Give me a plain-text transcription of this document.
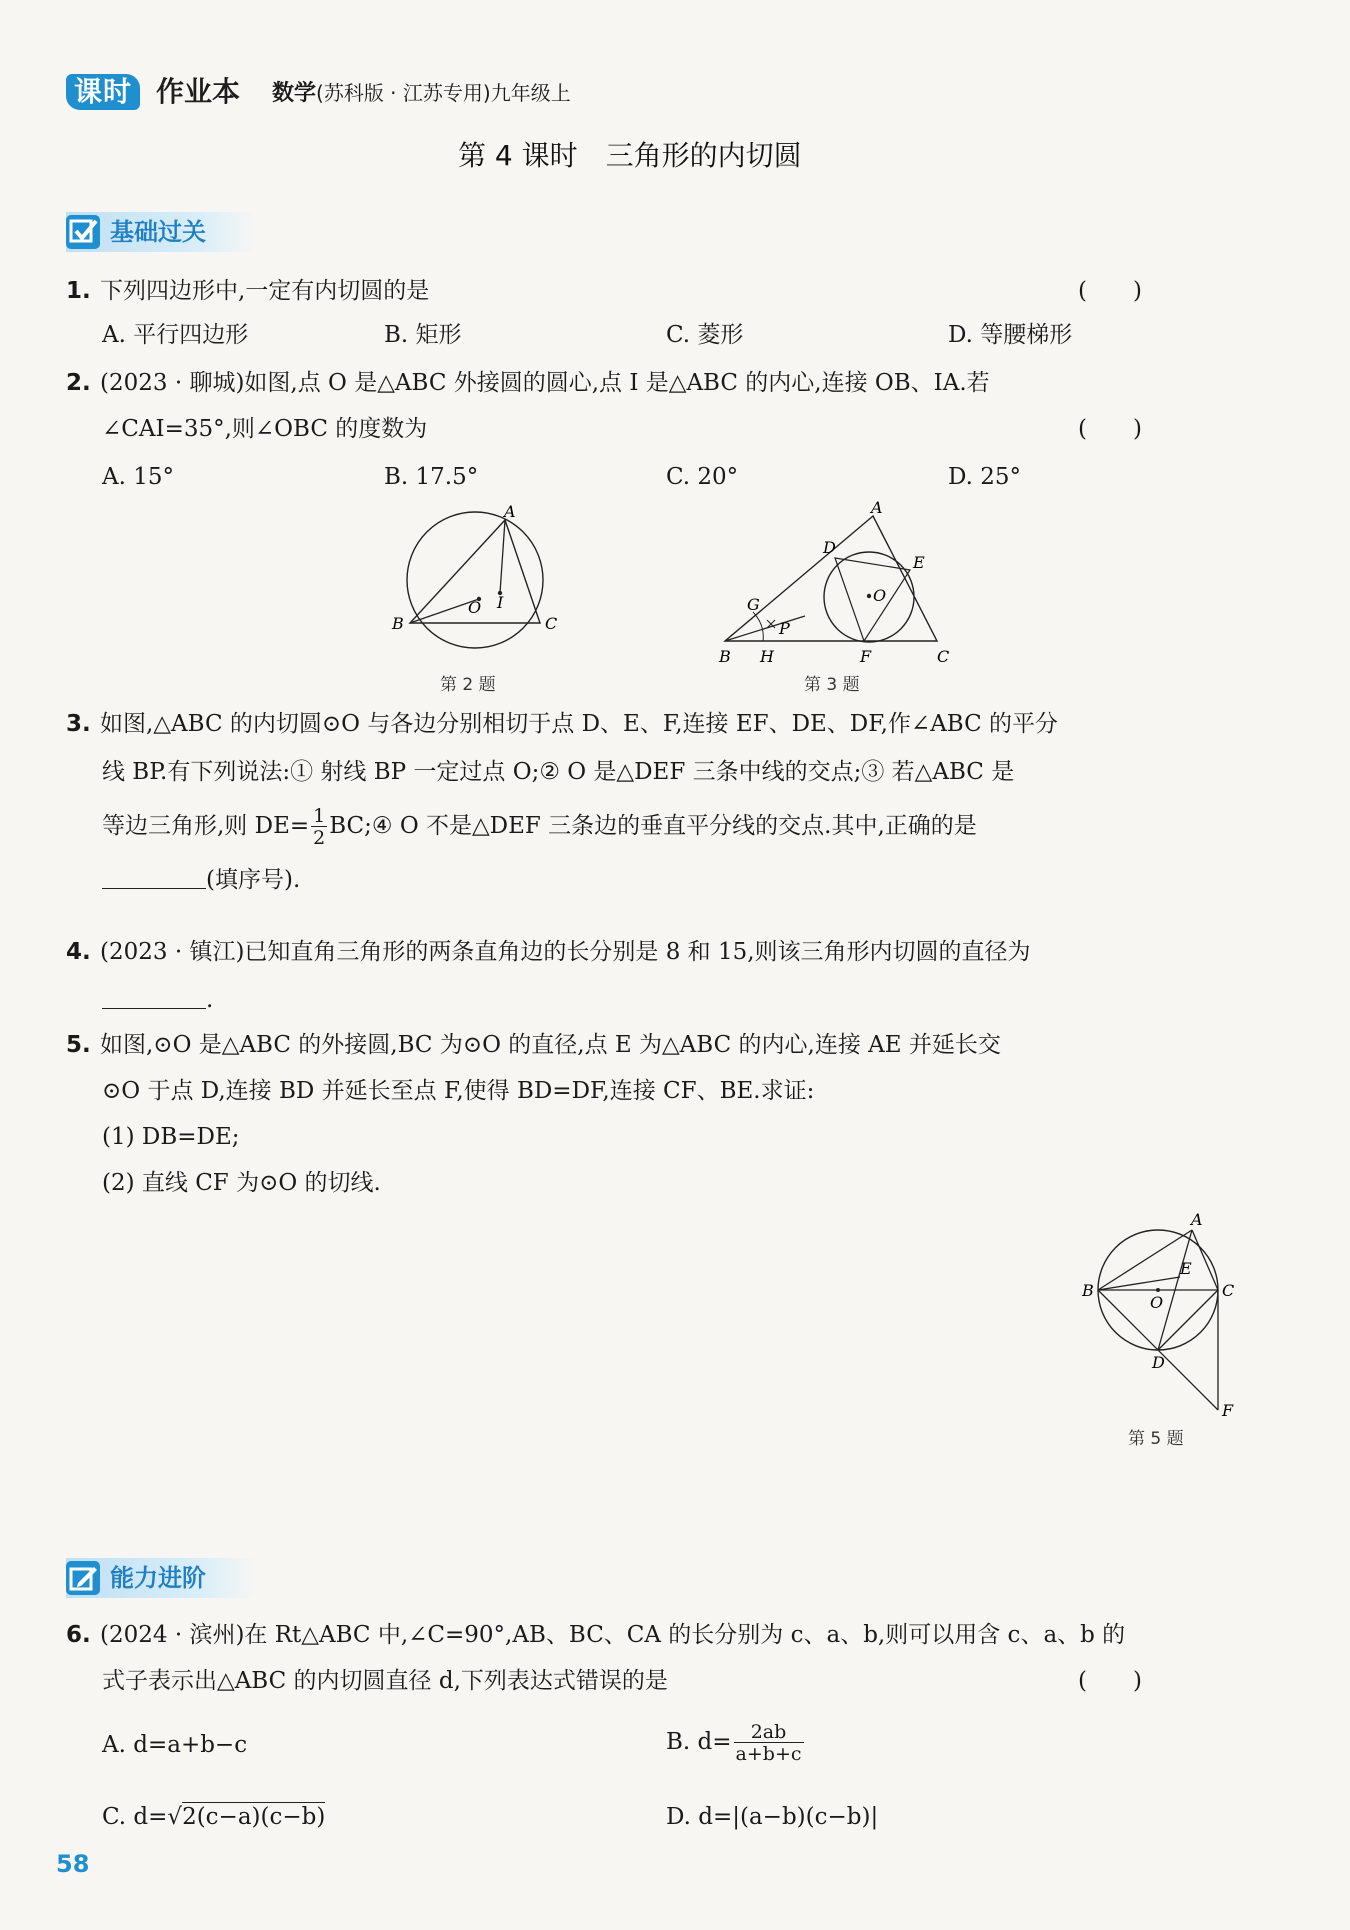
课时 作业本 数学(苏科版 · 江苏专用)九年级上
第 4 课时　三角形的内切圆
基础过关
1. 下列四边形中,一定有内切圆的是	(　　)
A. 平行四边形	B. 矩形	C. 菱形	D. 等腰梯形
2. (2023 · 聊城)如图,点 O 是△ABC 外接圆的圆心,点 I 是△ABC 的内心,连接 OB、IA.若
∠CAI=35°,则∠OBC 的度数为	(　　)
A. 15°	B. 17.5°	C. 20°	D. 25°
A
B	C
O I
第 2 题
A
B	C
D
E
F
G
H
P
O
第 3 题
3. 如图,△ABC 的内切圆⊙O 与各边分别相切于点 D、E、F,连接 EF、DE、DF,作∠ABC 的平分
线 BP.有下列说法:① 射线 BP 一定过点 O;② O 是△DEF 三条中线的交点;③ 若△ABC 是
等边三角形,则 $DE= \frac{1}{2}$ BC;④ O 不是△DEF 三条边的垂直平分线的交点.其中,正确的是
(填序号).
4. (2023 · 镇江)已知直角三角形的两条直角边的长分别是 8 和 15,则该三角形内切圆的直径为
.
5. 如图,⊙O 是△ABC 的外接圆,BC 为⊙O 的直径,点 E 为△ABC 的内心,连接 AE 并延长交
⊙O 于点 D,连接 BD 并延长至点 F,使得 BD=DF,连接 CF、BE.求证:
(1) DB=DE;
(2) 直线 CF 为⊙O 的切线.
A
B	C
D
E
F
O
第 5 题
能力进阶
6. (2024 · 滨州)在 Rt△ABC 中,∠C=90°,AB、BC、CA 的长分别为 c、a、b,则可以用含 c、a、b 的
式子表示出△ABC 的内切圆直径 d,下列表达式错误的是	(　　)
A. d=a+b−c	B. $d= \frac{2ab}{a+b+c}$
C. d=√2(c−a)(c−b)	D. d=|(a−b)(c−b)|
58
